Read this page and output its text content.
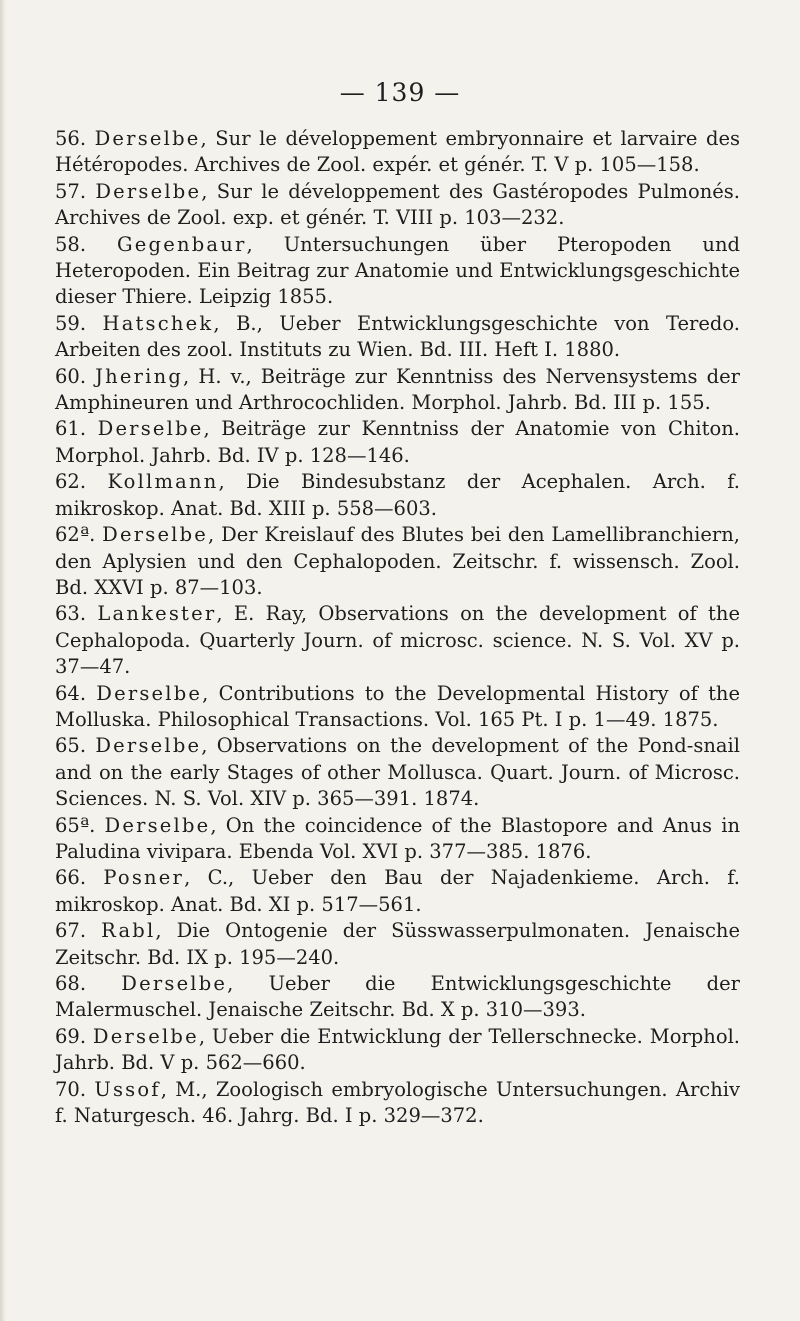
— 139 —

56. Derselbe, Sur le développement embryonnaire et larvaire des Hétéropodes. Archives de Zool. expér. et génér. T. V p. 105—158.

57. Derselbe, Sur le développement des Gastéropodes Pulmonés. Archives de Zool. exp. et génér. T. VIII p. 103—232.

58. Gegenbaur, Untersuchungen über Pteropoden und Heteropoden. Ein Beitrag zur Anatomie und Entwicklungsgeschichte dieser Thiere. Leipzig 1855.

59. Hatschek, B., Ueber Entwicklungsgeschichte von Teredo. Arbeiten des zool. Instituts zu Wien. Bd. III. Heft I. 1880.

60. Jhering, H. v., Beiträge zur Kenntniss des Nervensystems der Amphineuren und Arthrocochliden. Morphol. Jahrb. Bd. III p. 155.

61. Derselbe, Beiträge zur Kenntniss der Anatomie von Chiton. Morphol. Jahrb. Bd. IV p. 128—146.

62. Kollmann, Die Bindesubstanz der Acephalen. Arch. f. mikroskop. Anat. Bd. XIII p. 558—603.

62ª. Derselbe, Der Kreislauf des Blutes bei den Lamellibranchiern, den Aplysien und den Cephalopoden. Zeitschr. f. wissensch. Zool. Bd. XXVI p. 87—103.

63. Lankester, E. Ray, Observations on the development of the Cephalopoda. Quarterly Journ. of microsc. science. N. S. Vol. XV p. 37—47.

64. Derselbe, Contributions to the Developmental History of the Molluska. Philosophical Transactions. Vol. 165 Pt. I p. 1—49. 1875.

65. Derselbe, Observations on the development of the Pond-snail and on the early Stages of other Mollusca. Quart. Journ. of Microsc. Sciences. N. S. Vol. XIV p. 365—391. 1874.

65ª. Derselbe, On the coincidence of the Blastopore and Anus in Paludina vivipara. Ebenda Vol. XVI p. 377—385. 1876.

66. Posner, C., Ueber den Bau der Najadenkieme. Arch. f. mikroskop. Anat. Bd. XI p. 517—561.

67. Rabl, Die Ontogenie der Süsswasserpulmonaten. Jenaische Zeitschr. Bd. IX p. 195—240.

68. Derselbe, Ueber die Entwicklungsgeschichte der Malermuschel. Jenaische Zeitschr. Bd. X p. 310—393.

69. Derselbe, Ueber die Entwicklung der Tellerschnecke. Morphol. Jahrb. Bd. V p. 562—660.

70. Ussof, M., Zoologisch embryologische Untersuchungen. Archiv f. Naturgesch. 46. Jahrg. Bd. I p. 329—372.
